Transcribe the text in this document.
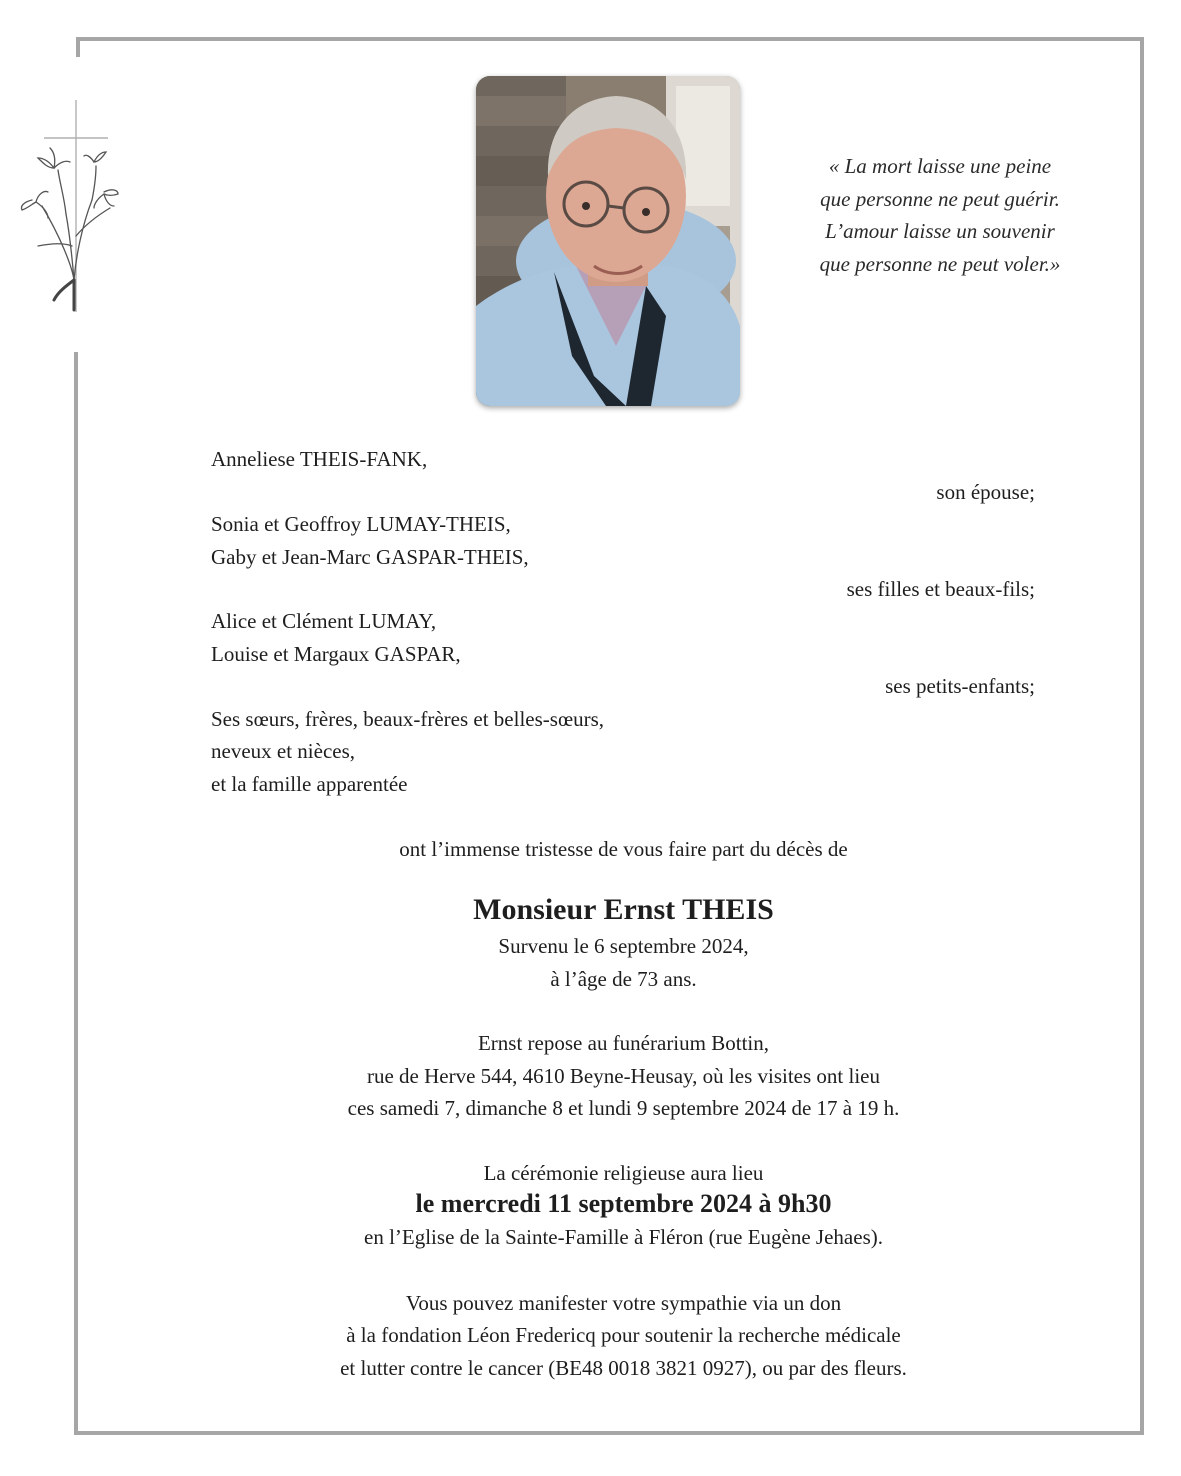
« La mort laisse une peine
que personne ne peut guérir.
L’amour laisse un souvenir
que personne ne peut voler.»
Anneliese THEIS-FANK,
son épouse;
Sonia et Geoffroy LUMAY-THEIS,
Gaby et Jean-Marc GASPAR-THEIS,
ses filles et beaux-fils;
Alice et Clément LUMAY,
Louise et Margaux GASPAR,
ses petits-enfants;
Ses sœurs, frères, beaux-frères et belles-sœurs,
neveux et nièces,
et la famille apparentée
ont l’immense tristesse de vous faire part du décès de
Monsieur Ernst THEIS
Survenu le 6 septembre 2024,
à l’âge de 73 ans.
Ernst repose au funérarium Bottin,
rue de Herve 544, 4610 Beyne-Heusay, où les visites ont lieu
ces samedi 7, dimanche 8 et lundi 9 septembre 2024 de 17 à 19 h.
La cérémonie religieuse aura lieu
le mercredi 11 septembre 2024 à 9h30
en l’Eglise de la Sainte-Famille à Fléron (rue Eugène Jehaes).
Vous pouvez manifester votre sympathie via un don
à la fondation Léon Fredericq pour soutenir la recherche médicale
et lutter contre le cancer (BE48 0018 3821 0927), ou par des fleurs.
